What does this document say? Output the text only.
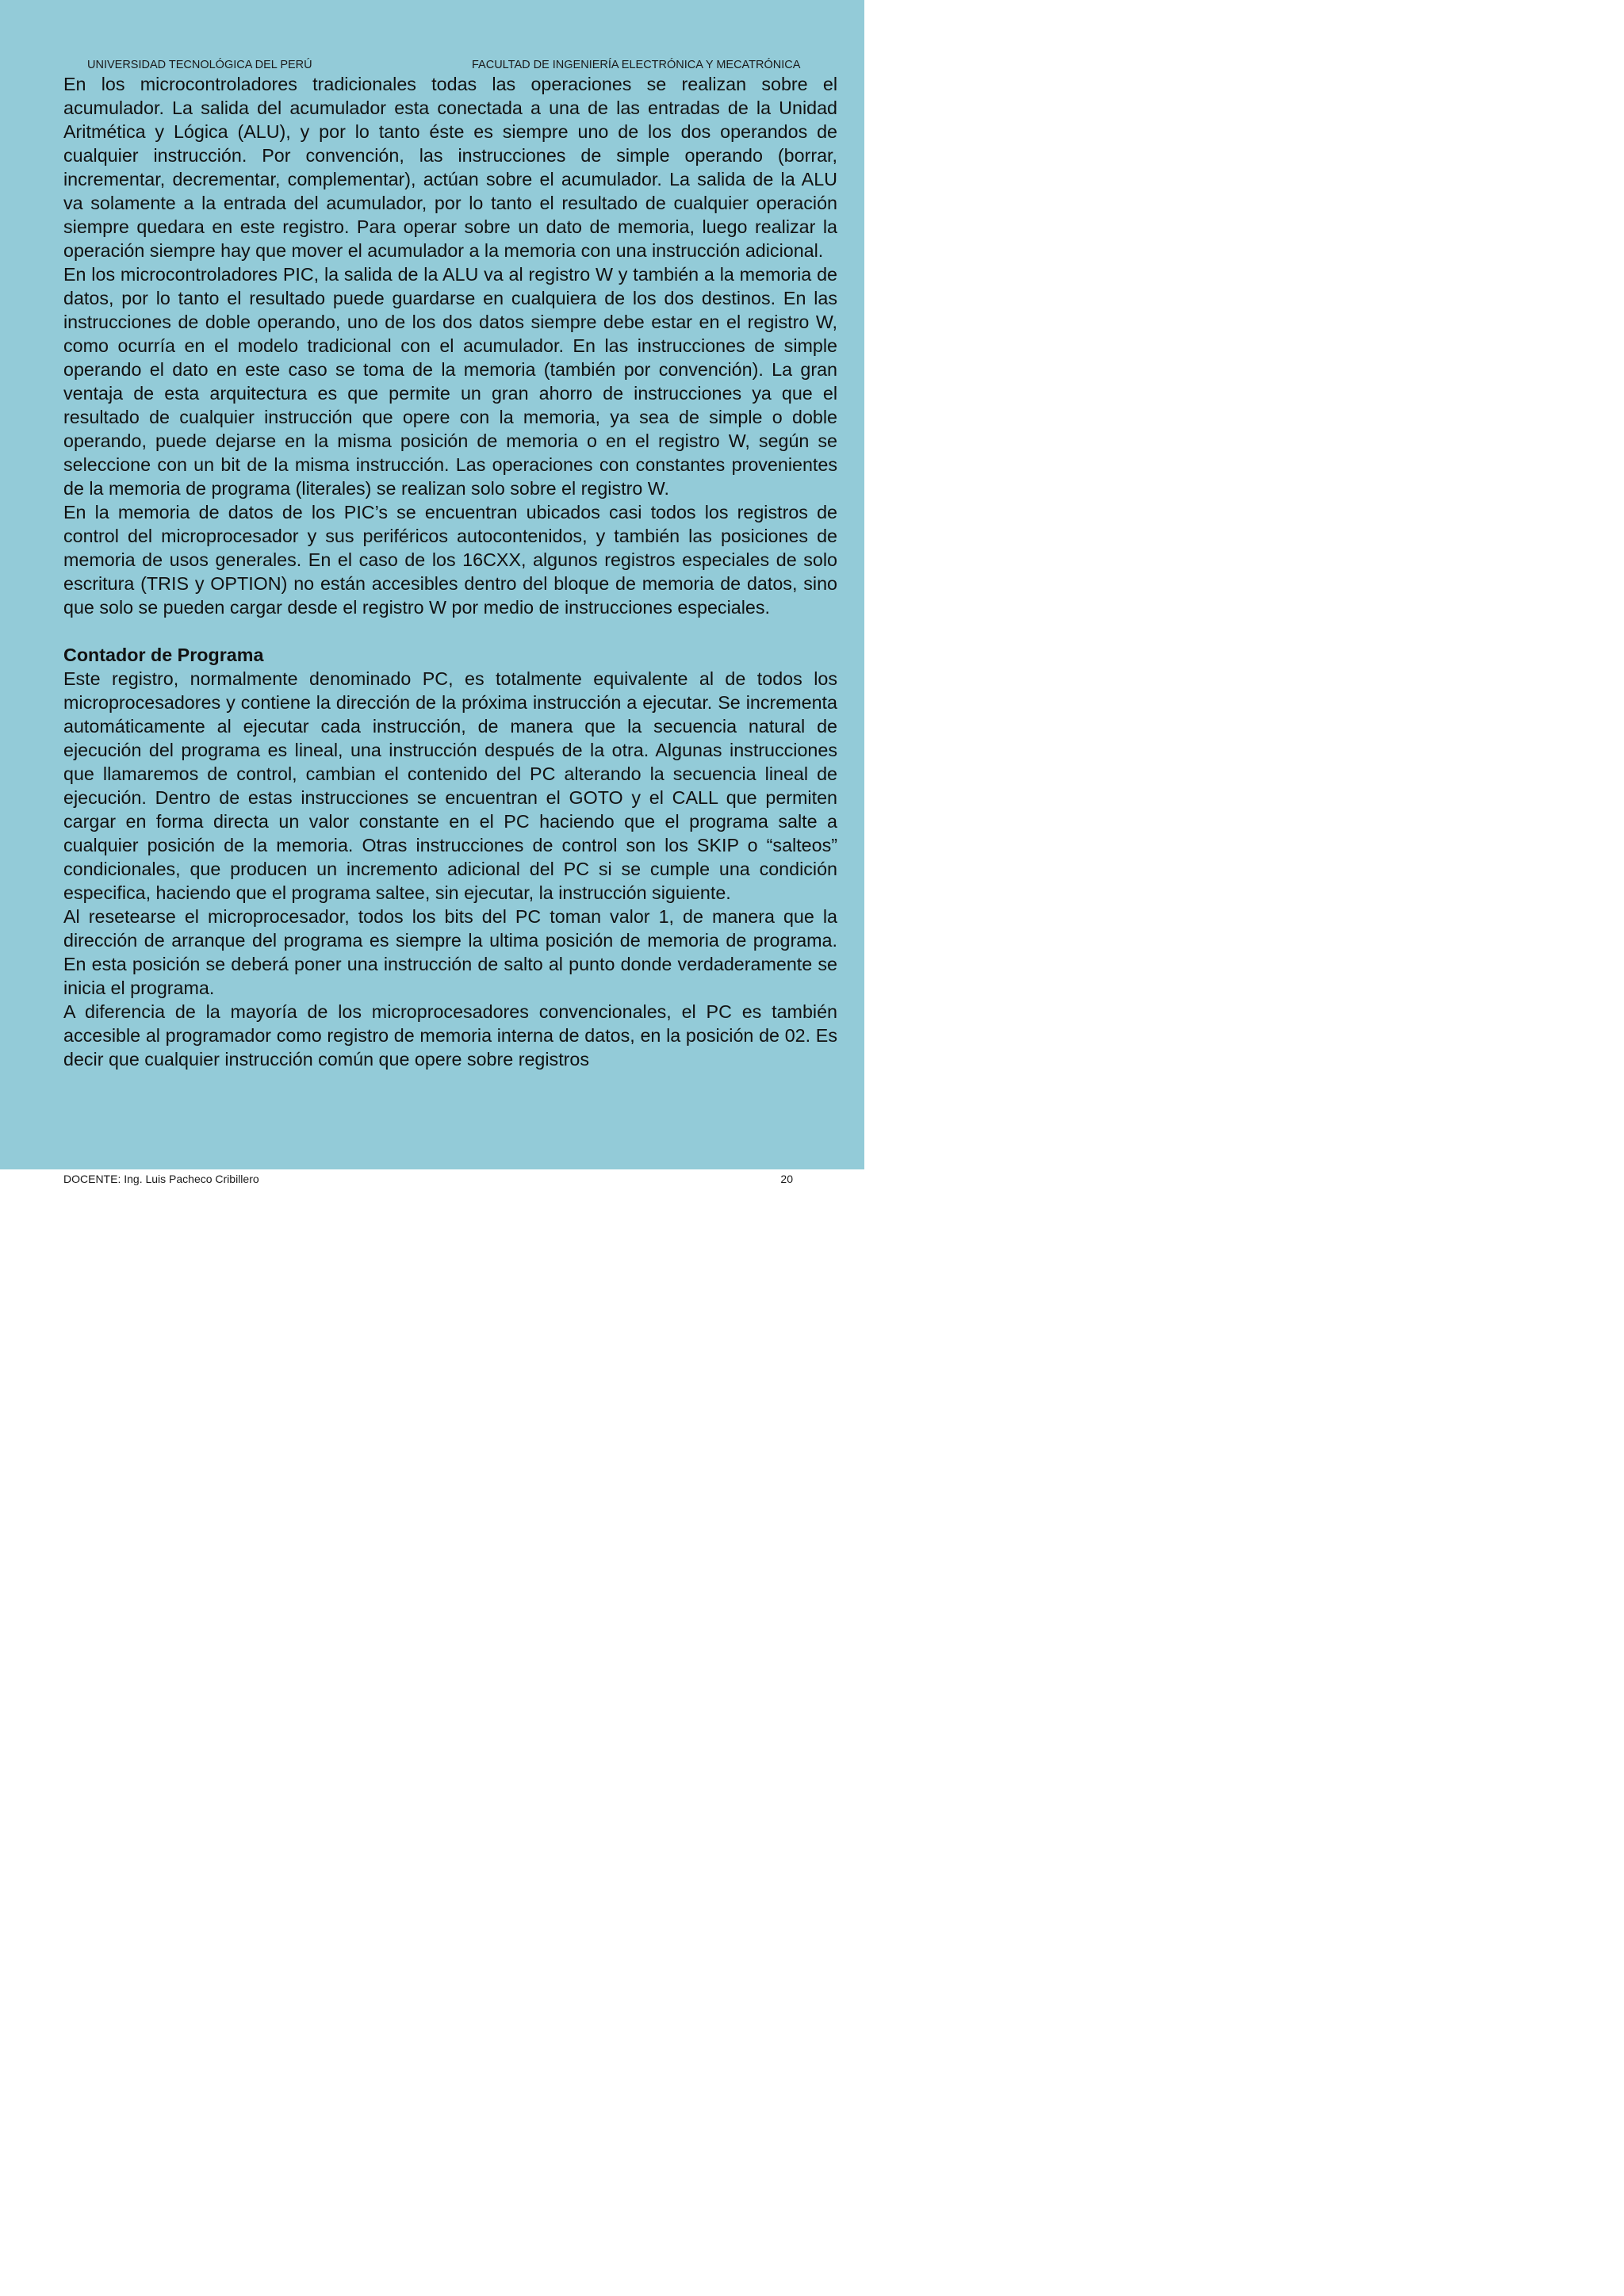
UNIVERSIDAD TECNOLÓGICA DEL PERÚ	FACULTAD DE INGENIERÍA ELECTRÓNICA Y MECATRÓNICA

En los microcontroladores tradicionales todas las operaciones se realizan sobre el acumulador. La salida del acumulador esta conectada a una de las entradas de la Unidad Aritmética y Lógica (ALU), y por lo tanto éste es siempre uno de los dos operandos de cualquier instrucción. Por convención, las instrucciones de simple operando (borrar, incrementar, decrementar, complementar), actúan sobre el acumulador. La salida de la ALU va solamente a la entrada del acumulador, por lo tanto el resultado de cualquier operación siempre quedara en este registro. Para operar sobre un dato de memoria, luego realizar la operación siempre hay que mover el acumulador a la memoria con una instrucción adicional.

En los microcontroladores PIC, la salida de la ALU va al registro W y también a la memoria de datos, por lo tanto el resultado puede guardarse en cualquiera de los dos destinos. En las instrucciones de doble operando, uno de los dos datos siempre debe estar en el registro W, como ocurría en el modelo tradicional con el acumulador. En las instrucciones de simple operando el dato en este caso se toma de la memoria (también por convención). La gran ventaja de esta arquitectura es que permite un gran ahorro de instrucciones ya que el resultado de cualquier instrucción que opere con la memoria, ya sea de simple o doble operando, puede dejarse en la misma posición de memoria o en el registro W, según se seleccione con un bit de la misma instrucción. Las operaciones con constantes provenientes de la memoria de programa (literales) se realizan solo sobre el registro W.

En la memoria de datos de los PIC’s se encuentran ubicados casi todos los registros de control del microprocesador y sus periféricos autocontenidos, y también las posiciones de memoria de usos generales. En el caso de los 16CXX, algunos registros especiales de solo escritura (TRIS y OPTION) no están accesibles dentro del bloque de memoria de datos, sino que solo se pueden cargar desde el registro W por medio de instrucciones especiales.

Contador de Programa

Este registro, normalmente denominado PC, es totalmente equivalente al de todos los microprocesadores y contiene la dirección de la próxima instrucción a ejecutar. Se incrementa automáticamente al ejecutar cada instrucción, de manera que la secuencia natural de ejecución del programa es lineal, una instrucción después de la otra. Algunas instrucciones que llamaremos de control, cambian el contenido del PC alterando la secuencia lineal de ejecución. Dentro de estas instrucciones se encuentran el GOTO y el CALL que permiten cargar en forma directa un valor constante en el PC haciendo que el programa salte a cualquier posición de la memoria. Otras instrucciones de control son los SKIP o “salteos” condicionales, que producen un incremento adicional del PC si se cumple una condición especifica, haciendo que el programa saltee, sin ejecutar, la instrucción siguiente.

Al resetearse el microprocesador, todos los bits del PC toman valor 1, de manera que la dirección de arranque del programa es siempre la ultima posición de memoria de programa. En esta posición se deberá poner una instrucción de salto al punto donde verdaderamente se inicia el programa.

A diferencia de la mayoría de los microprocesadores convencionales, el PC es también accesible al programador como registro de memoria interna de datos, en la posición de 02. Es decir que cualquier instrucción común que opere sobre registros

DOCENTE: Ing. Luis Pacheco Cribillero	20
